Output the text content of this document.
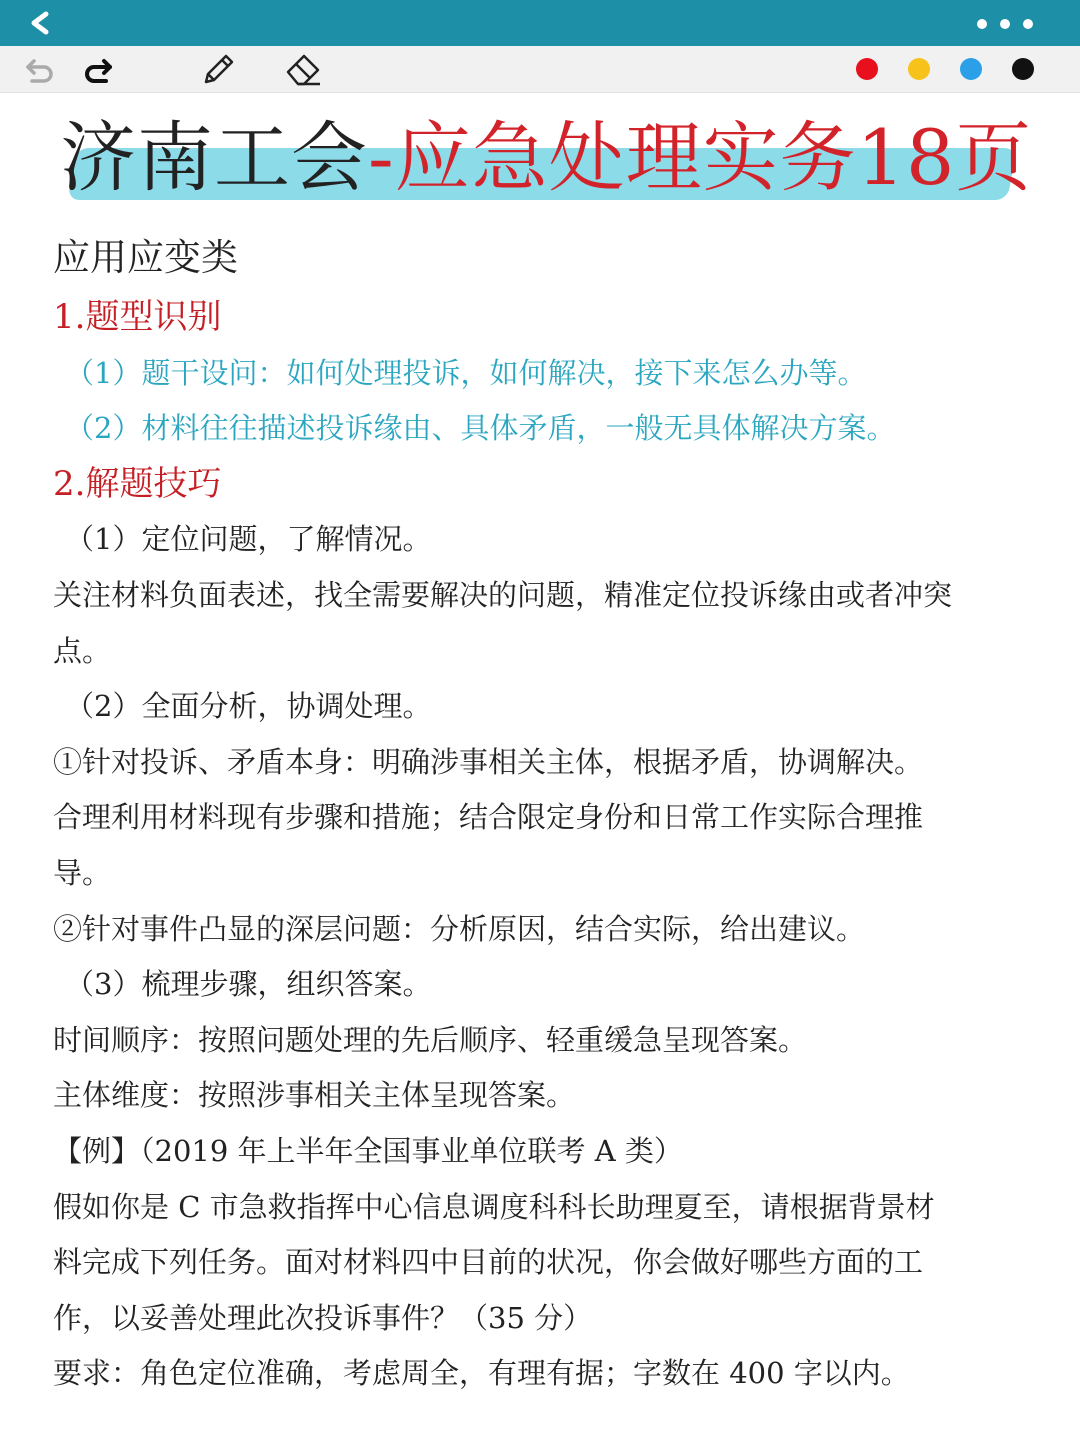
济南工会-应急处理实务18页
应用应变类
1.题型识别
（1）题干设问：如何处理投诉，如何解决，接下来怎么办等。
（2）材料往往描述投诉缘由、具体矛盾，一般无具体解决方案。
2.解题技巧
（1）定位问题，了解情况。
关注材料负面表述，找全需要解决的问题，精准定位投诉缘由或者冲突
点。
（2）全面分析，协调处理。
①针对投诉、矛盾本身：明确涉事相关主体，根据矛盾，协调解决。
合理利用材料现有步骤和措施；结合限定身份和日常工作实际合理推
导。
②针对事件凸显的深层问题：分析原因，结合实际，给出建议。
（3）梳理步骤，组织答案。
时间顺序：按照问题处理的先后顺序、轻重缓急呈现答案。
主体维度：按照涉事相关主体呈现答案。
【例】（2019 年上半年全国事业单位联考 A 类）
假如你是 C 市急救指挥中心信息调度科科长助理夏至，请根据背景材
料完成下列任务。面对材料四中目前的状况，你会做好哪些方面的工
作，以妥善处理此次投诉事件？（35 分）
要求：角色定位准确，考虑周全，有理有据；字数在 400 字以内。
